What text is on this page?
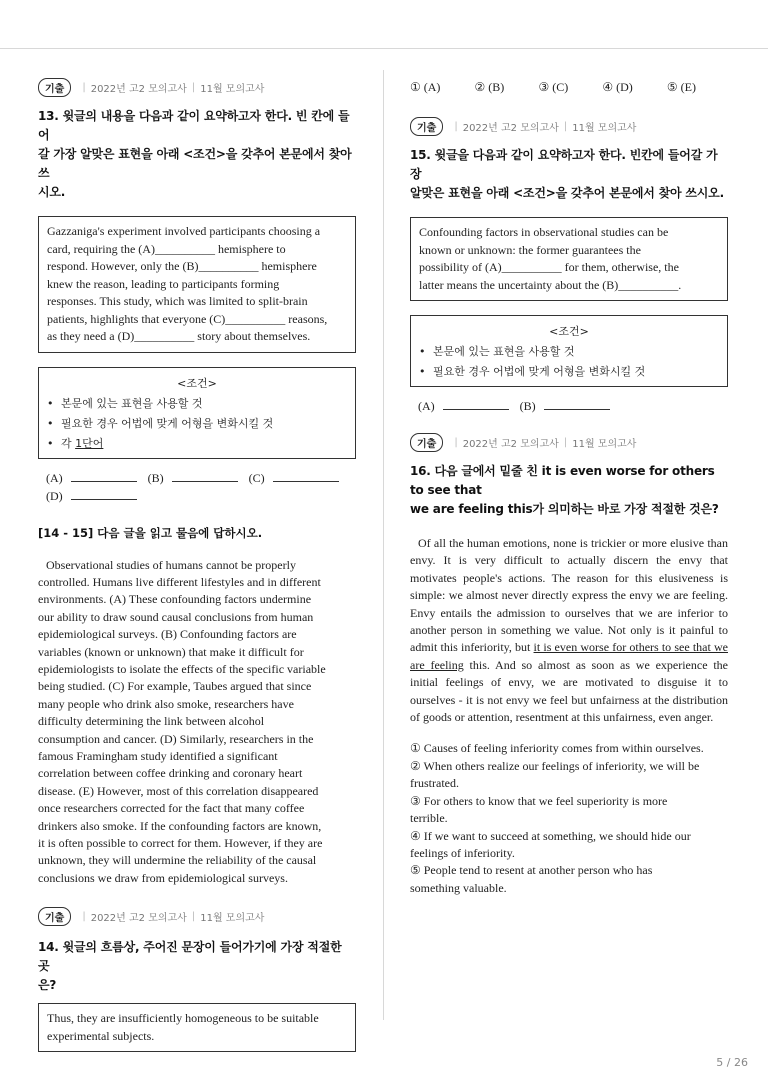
기출	| 2022년 고2 모의고사 | 11월 모의고사
13. 윗글의 내용을 다음과 같이 요약하고자 한다. 빈 칸에 들어
갈 가장 알맞은 표현을 아래 <조건>을 갖추어 본문에서 찾아 쓰
시오.
Gazzaniga's experiment involved participants choosing a
card, requiring the (A)__________ hemisphere to
respond. However, only the (B)__________ hemisphere
knew the reason, leading to participants forming
responses. This study, which was limited to split-brain
patients, highlights that everyone (C)__________ reasons,
as they need a (D)__________ story about themselves.
<조건>
• 본문에 있는 표현을 사용할 것
• 필요한 경우 어법에 맞게 어형을 변화시킬 것
• 각 1단어
(A)	(B)	(C)
(D)
[14 - 15] 다음 글을 읽고 물음에 답하시오.
Observational studies of humans cannot be properly
controlled. Humans live different lifestyles and in different
environments. (A) These confounding factors undermine
our ability to draw sound causal conclusions from human
epidemiological surveys. (B) Confounding factors are
variables (known or unknown) that make it difficult for
epidemiologists to isolate the effects of the specific variable
being studied. (C) For example, Taubes argued that since
many people who drink also smoke, researchers have
difficulty determining the link between alcohol
consumption and cancer. (D) Similarly, researchers in the
famous Framingham study identified a significant
correlation between coffee drinking and coronary heart
disease. (E) However, most of this correlation disappeared
once researchers corrected for the fact that many coffee
drinkers also smoke. If the confounding factors are known,
it is often possible to correct for them. However, if they are
unknown, they will undermine the reliability of the causal
conclusions we draw from epidemiological surveys.
기출	| 2022년 고2 모의고사 | 11월 모의고사
14. 윗글의 흐름상, 주어진 문장이 들어가기에 가장 적절한 곳
은?
Thus, they are insufficiently homogeneous to be suitable
experimental subjects.
① (A)	② (B)	③ (C)	④ (D)	⑤ (E)
기출	| 2022년 고2 모의고사 | 11월 모의고사
15. 윗글을 다음과 같이 요약하고자 한다. 빈칸에 들어갈 가장
알맞은 표현을 아래 <조건>을 갖추어 본문에서 찾아 쓰시오.
Confounding factors in observational studies can be
known or unknown: the former guarantees the
possibility of (A)__________ for them, otherwise, the
latter means the uncertainty about the (B)__________.
<조건>
• 본문에 있는 표현을 사용할 것
• 필요한 경우 어법에 맞게 어형을 변화시킬 것
(A)	(B)
기출	| 2022년 고2 모의고사 | 11월 모의고사
16. 다음 글에서 밑줄 친 it is even worse for others to see that
we are feeling this가 의미하는 바로 가장 적절한 것은?
Of all the human emotions, none is trickier or more elusive than envy. It is very difficult to actually discern the envy that motivates people's actions. The reason for this elusiveness is simple: we almost never directly express the envy we are feeling. Envy entails the admission to ourselves that we are inferior to another person in something we value. Not only is it painful to admit this inferiority, but it is even worse for others to see that we are feeling this. And so almost as soon as we experience the initial feelings of envy, we are motivated to disguise it to ourselves - it is not envy we feel but unfairness at the distribution of goods or attention, resentment at this unfairness, even anger.
① Causes of feeling inferiority comes from within ourselves.
② When others realize our feelings of inferiority, we will be
frustrated.
③ For others to know that we feel superiority is more
terrible.
④ If we want to succeed at something, we should hide our
feelings of inferiority.
⑤ People tend to resent at another person who has
something valuable.
5 / 26
